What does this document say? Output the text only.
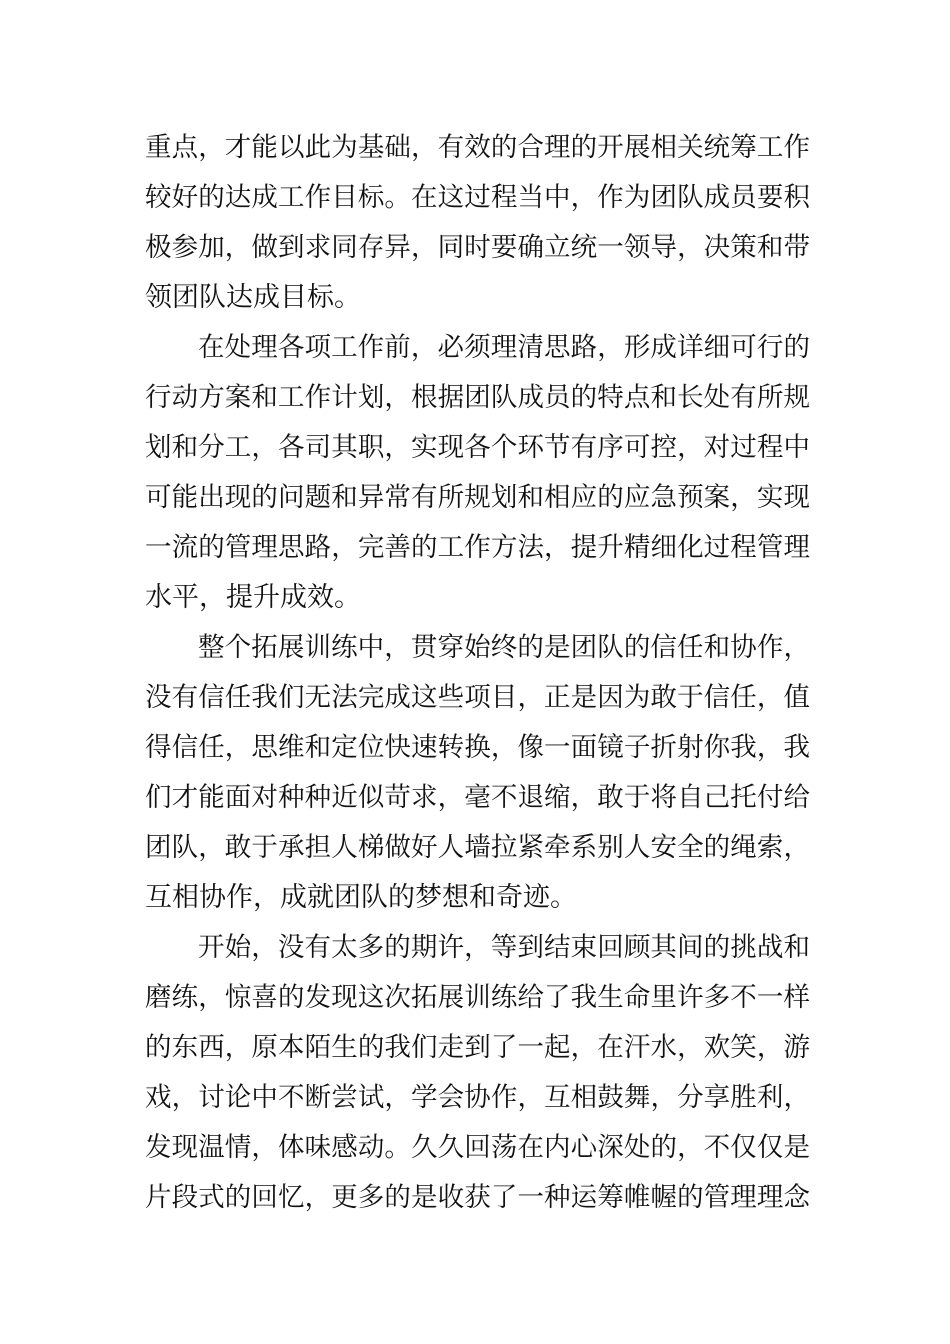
重点，才能以此为基础，有效的合理的开展相关统筹工作
较好的达成工作目标。在这过程当中，作为团队成员要积
极参加，做到求同存异，同时要确立统一领导，决策和带
领团队达成目标。
在处理各项工作前，必须理清思路，形成详细可行的
行动方案和工作计划，根据团队成员的特点和长处有所规
划和分工，各司其职，实现各个环节有序可控，对过程中
可能出现的问题和异常有所规划和相应的应急预案，实现
一流的管理思路，完善的工作方法，提升精细化过程管理
水平，提升成效。
整个拓展训练中，贯穿始终的是团队的信任和协作，
没有信任我们无法完成这些项目，正是因为敢于信任，值
得信任，思维和定位快速转换，像一面镜子折射你我，我
们才能面对种种近似苛求，毫不退缩，敢于将自己托付给
团队，敢于承担人梯做好人墙拉紧牵系别人安全的绳索，
互相协作，成就团队的梦想和奇迹。
开始，没有太多的期许，等到结束回顾其间的挑战和
磨练，惊喜的发现这次拓展训练给了我生命里许多不一样
的东西，原本陌生的我们走到了一起，在汗水，欢笑，游
戏，讨论中不断尝试，学会协作，互相鼓舞，分享胜利，
发现温情，体味感动。久久回荡在内心深处的，不仅仅是
片段式的回忆，更多的是收获了一种运筹帷幄的管理理念
